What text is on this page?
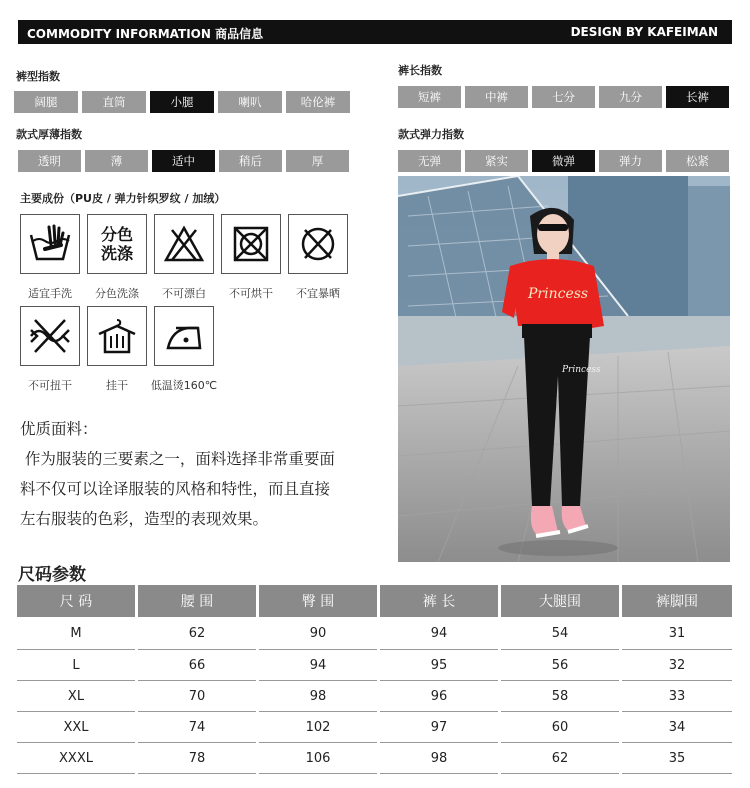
COMMODITY INFORMATION 商品信息	DESIGN BY KAFEIMAN
裤型指数
阔腿	直筒	小腿	喇叭	哈伦裤
裤长指数
短裤	中裤	七分	九分	长裤
款式厚薄指数
透明	薄	适中	稍后	厚
款式弹力指数
无弹	紧实	微弹	弹力	松紧
主要成份（PU皮 / 弹力针织罗纹 / 加绒）
分色
洗涤
适宜手洗	分色洗涤	不可漂白	不可烘干	不宜暴晒
不可扭干	挂干	低温烫160℃
优质面料：
作为服装的三要素之一，面料选择非常重要面
料不仅可以诠译服装的风格和特性，而且直接
左右服装的色彩，造型的表现效果。
Princess
Princess
尺码参数
尺 码	腰 围	臀 围	裤 长	大腿围	裤脚围
M	62	90	94	54	31
L	66	94	95	56	32
XL	70	98	96	58	33
XXL	74	102	97	60	34
XXXL	78	106	98	62	35
